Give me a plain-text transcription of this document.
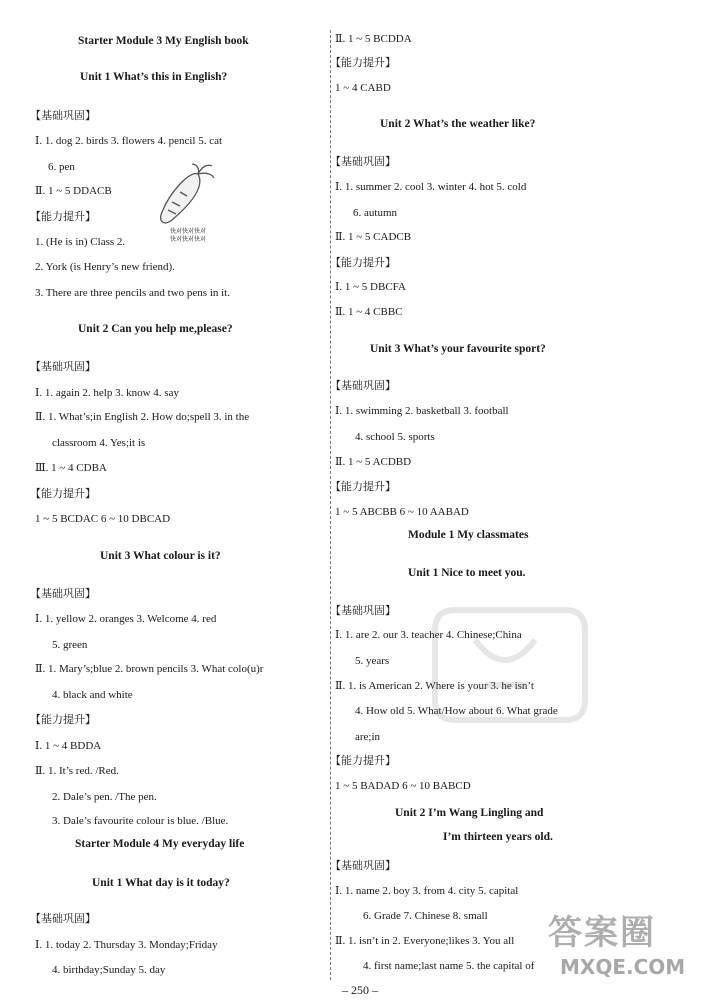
Starter Module 3 My English book
Unit 1 What’s this in English?
【基础巩固】
Ⅰ. 1. dog 2. birds 3. flowers 4. pencil 5. cat
6. pen
Ⅱ. 1 ~ 5 DDACB
【能力提升】
1. (He is in) Class 2.
2. York (is Henry’s new friend).
3. There are three pencils and two pens in it.
Unit 2 Can you help me,please?
【基础巩固】
Ⅰ. 1. again 2. help 3. know 4. say
Ⅱ. 1. What’s;in English 2. How do;spell 3. in the
classroom 4. Yes;it is
Ⅲ. 1 ~ 4 CDBA
【能力提升】
1 ~ 5 BCDAC 6 ~ 10 DBCAD
Unit 3 What colour is it?
【基础巩固】
Ⅰ. 1. yellow 2. oranges 3. Welcome 4. red
5. green
Ⅱ. 1. Mary’s;blue 2. brown pencils 3. What colo(u)r
4. black and white
【能力提升】
Ⅰ. 1 ~ 4 BDDA
Ⅱ. 1. It’s red. /Red.
2. Dale’s pen. /The pen.
3. Dale’s favourite colour is blue. /Blue.
Starter Module 4 My everyday life
Unit 1 What day is it today?
【基础巩固】
Ⅰ. 1. today 2. Thursday 3. Monday;Friday
4. birthday;Sunday 5. day
Ⅱ. 1 ~ 5 BCDDA
【能力提升】
1 ~ 4 CABD
Unit 2 What’s the weather like?
【基础巩固】
Ⅰ. 1. summer 2. cool 3. winter 4. hot 5. cold
6. autumn
Ⅱ. 1 ~ 5 CADCB
【能力提升】
Ⅰ. 1 ~ 5 DBCFA
Ⅱ. 1 ~ 4 CBBC
Unit 3 What’s your favourite sport?
【基础巩固】
Ⅰ. 1. swimming 2. basketball 3. football
4. school 5. sports
Ⅱ. 1 ~ 5 ACDBD
【能力提升】
1 ~ 5 ABCBB 6 ~ 10 AABAD
Module 1 My classmates
Unit 1 Nice to meet you.
【基础巩固】
Ⅰ. 1. are 2. our 3. teacher 4. Chinese;China
5. years
Ⅱ. 1. is American 2. Where is your 3. he isn’t
4. How old 5. What/How about 6. What grade
are;in
【能力提升】
1 ~ 5 BADAD 6 ~ 10 BABCD
Unit 2 I’m Wang Lingling and
I’m thirteen years old.
【基础巩固】
Ⅰ. 1. name 2. boy 3. from 4. city 5. capital
6. Grade 7. Chinese 8. small
Ⅱ. 1. isn’t in 2. Everyone;likes 3. You all
4. first name;last name 5. the capital of
快对快对快对
快对快对快对
答案圈
MXQE.COM
– 250 –
